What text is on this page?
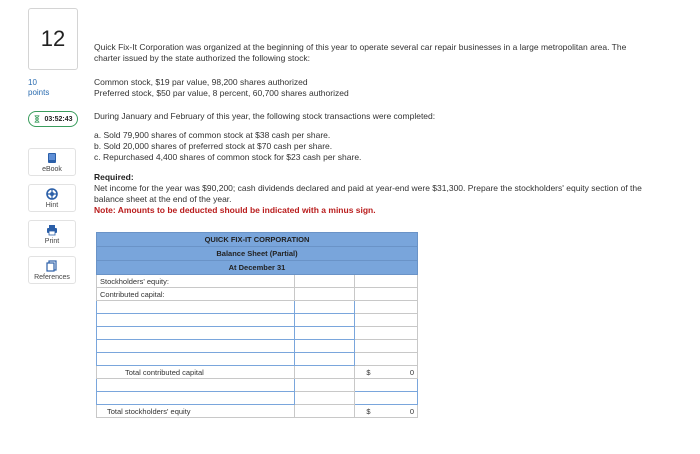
12
10
points
03:52:43
eBook
Hint
Print
References

Quick Fix-It Corporation was organized at the beginning of this year to operate several car repair businesses in a large metropolitan area. The charter issued by the state authorized the following stock:

Common stock, $19 par value, 98,200 shares authorized

Preferred stock, $50 par value, 8 percent, 60,700 shares authorized

During January and February of this year, the following stock transactions were completed:

a. Sold 79,900 shares of common stock at $38 cash per share.

b. Sold 20,000 shares of preferred stock at $70 cash per share.

c. Repurchased 4,400 shares of common stock for $23 cash per share.

Required:

Net income for the year was $90,200; cash dividends declared and paid at year-end were $31,300. Prepare the stockholders' equity section of the balance sheet at the end of the year.

Note: Amounts to be deducted should be indicated with a minus sign.

QUICK FIX-IT CORPORATION		
Balance Sheet (Partial)		
At December 31		
Stockholders' equity:		
Contributed capital:		

Total contributed capital		$ 0

Total stockholders' equity		$ 0
